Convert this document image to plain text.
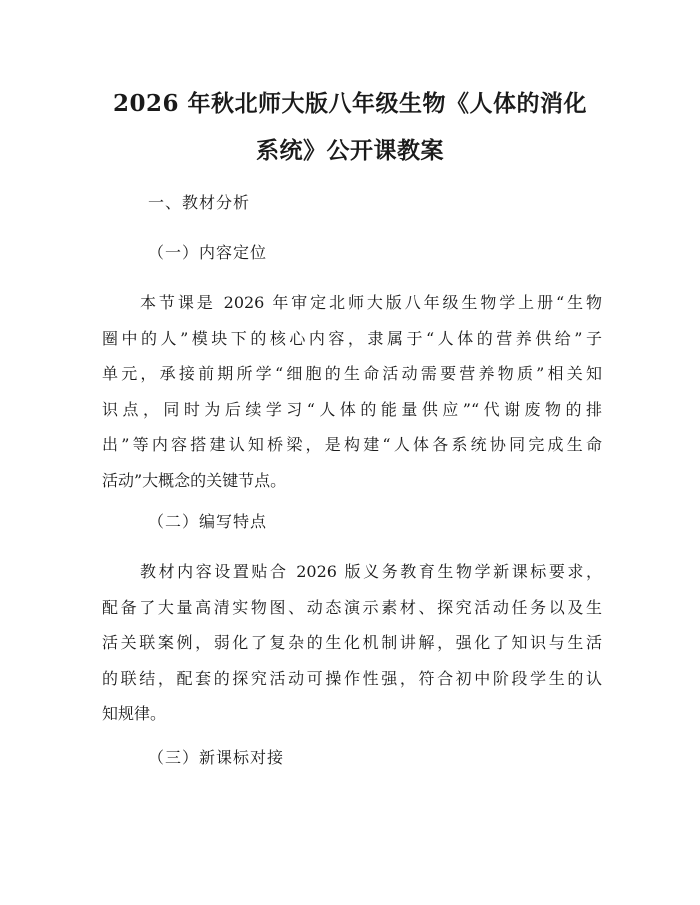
2026 年秋北师大版八年级生物《人体的消化
系统》公开课教案
一、教材分析
（一）内容定位
本节课是 2026 年审定北师大版八年级生物学上册“生物
圈中的人”模块下的核心内容，隶属于“人体的营养供给”子
单元，承接前期所学“细胞的生命活动需要营养物质”相关知
识点，同时为后续学习“人体的能量供应”“代谢废物的排
出”等内容搭建认知桥梁，是构建“人体各系统协同完成生命
活动”大概念的关键节点。
（二）编写特点
教材内容设置贴合 2026 版义务教育生物学新课标要求，
配备了大量高清实物图、动态演示素材、探究活动任务以及生
活关联案例，弱化了复杂的生化机制讲解，强化了知识与生活
的联结，配套的探究活动可操作性强，符合初中阶段学生的认
知规律。
（三）新课标对接
